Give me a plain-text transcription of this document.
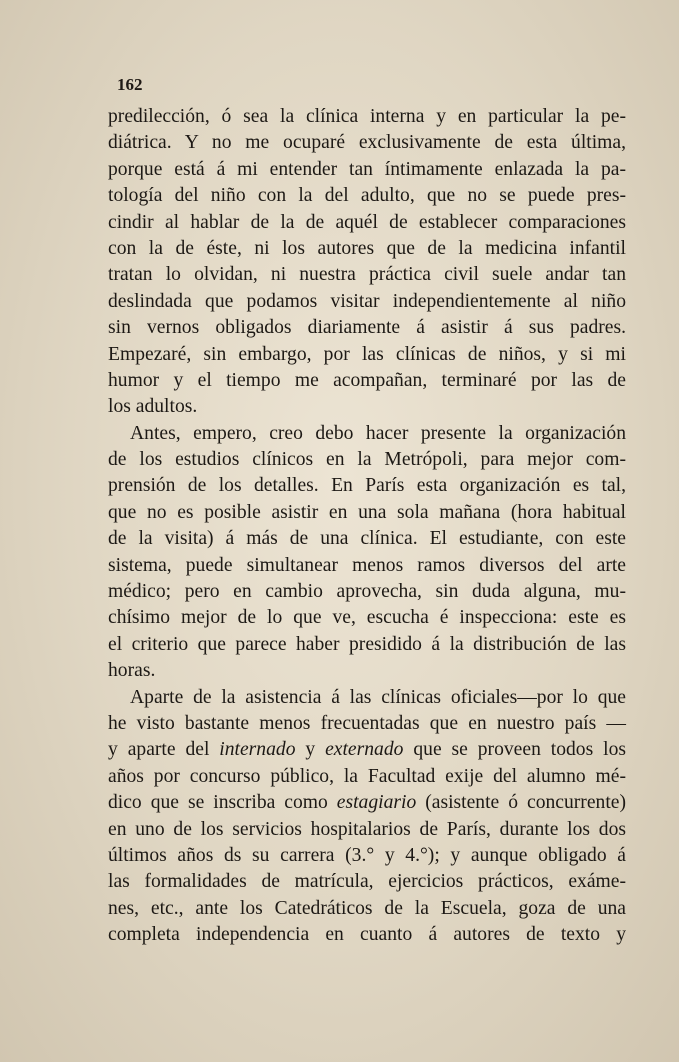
162
predilección, ó sea la clínica interna y en particular la pe-
diátrica. Y no me ocuparé exclusivamente de esta última,
porque está á mi entender tan íntimamente enlazada la pa-
tología del niño con la del adulto, que no se puede pres-
cindir al hablar de la de aquél de establecer comparaciones
con la de éste, ni los autores que de la medicina infantil
tratan lo olvidan, ni nuestra práctica civil suele andar tan
deslindada que podamos visitar independientemente al niño
sin vernos obligados diariamente á asistir á sus padres.
Empezaré, sin embargo, por las clínicas de niños, y si mi
humor y el tiempo me acompañan, terminaré por las de
los adultos.
Antes, empero, creo debo hacer presente la organización
de los estudios clínicos en la Metrópoli, para mejor com-
prensión de los detalles. En París esta organización es tal,
que no es posible asistir en una sola mañana (hora habitual
de la visita) á más de una clínica. El estudiante, con este
sistema, puede simultanear menos ramos diversos del arte
médico; pero en cambio aprovecha, sin duda alguna, mu-
chísimo mejor de lo que ve, escucha é inspecciona: este es
el criterio que parece haber presidido á la distribución de las
horas.
Aparte de la asistencia á las clínicas oficiales—por lo que
he visto bastante menos frecuentadas que en nuestro país —
y aparte del internado y externado que se proveen todos los
años por concurso público, la Facultad exije del alumno mé-
dico que se inscriba como estagiario (asistente ó concurrente)
en uno de los servicios hospitalarios de París, durante los dos
últimos años ds su carrera (3.° y 4.°); y aunque obligado á
las formalidades de matrícula, ejercicios prácticos, exáme-
nes, etc., ante los Catedráticos de la Escuela, goza de una
completa independencia en cuanto á autores de texto y
